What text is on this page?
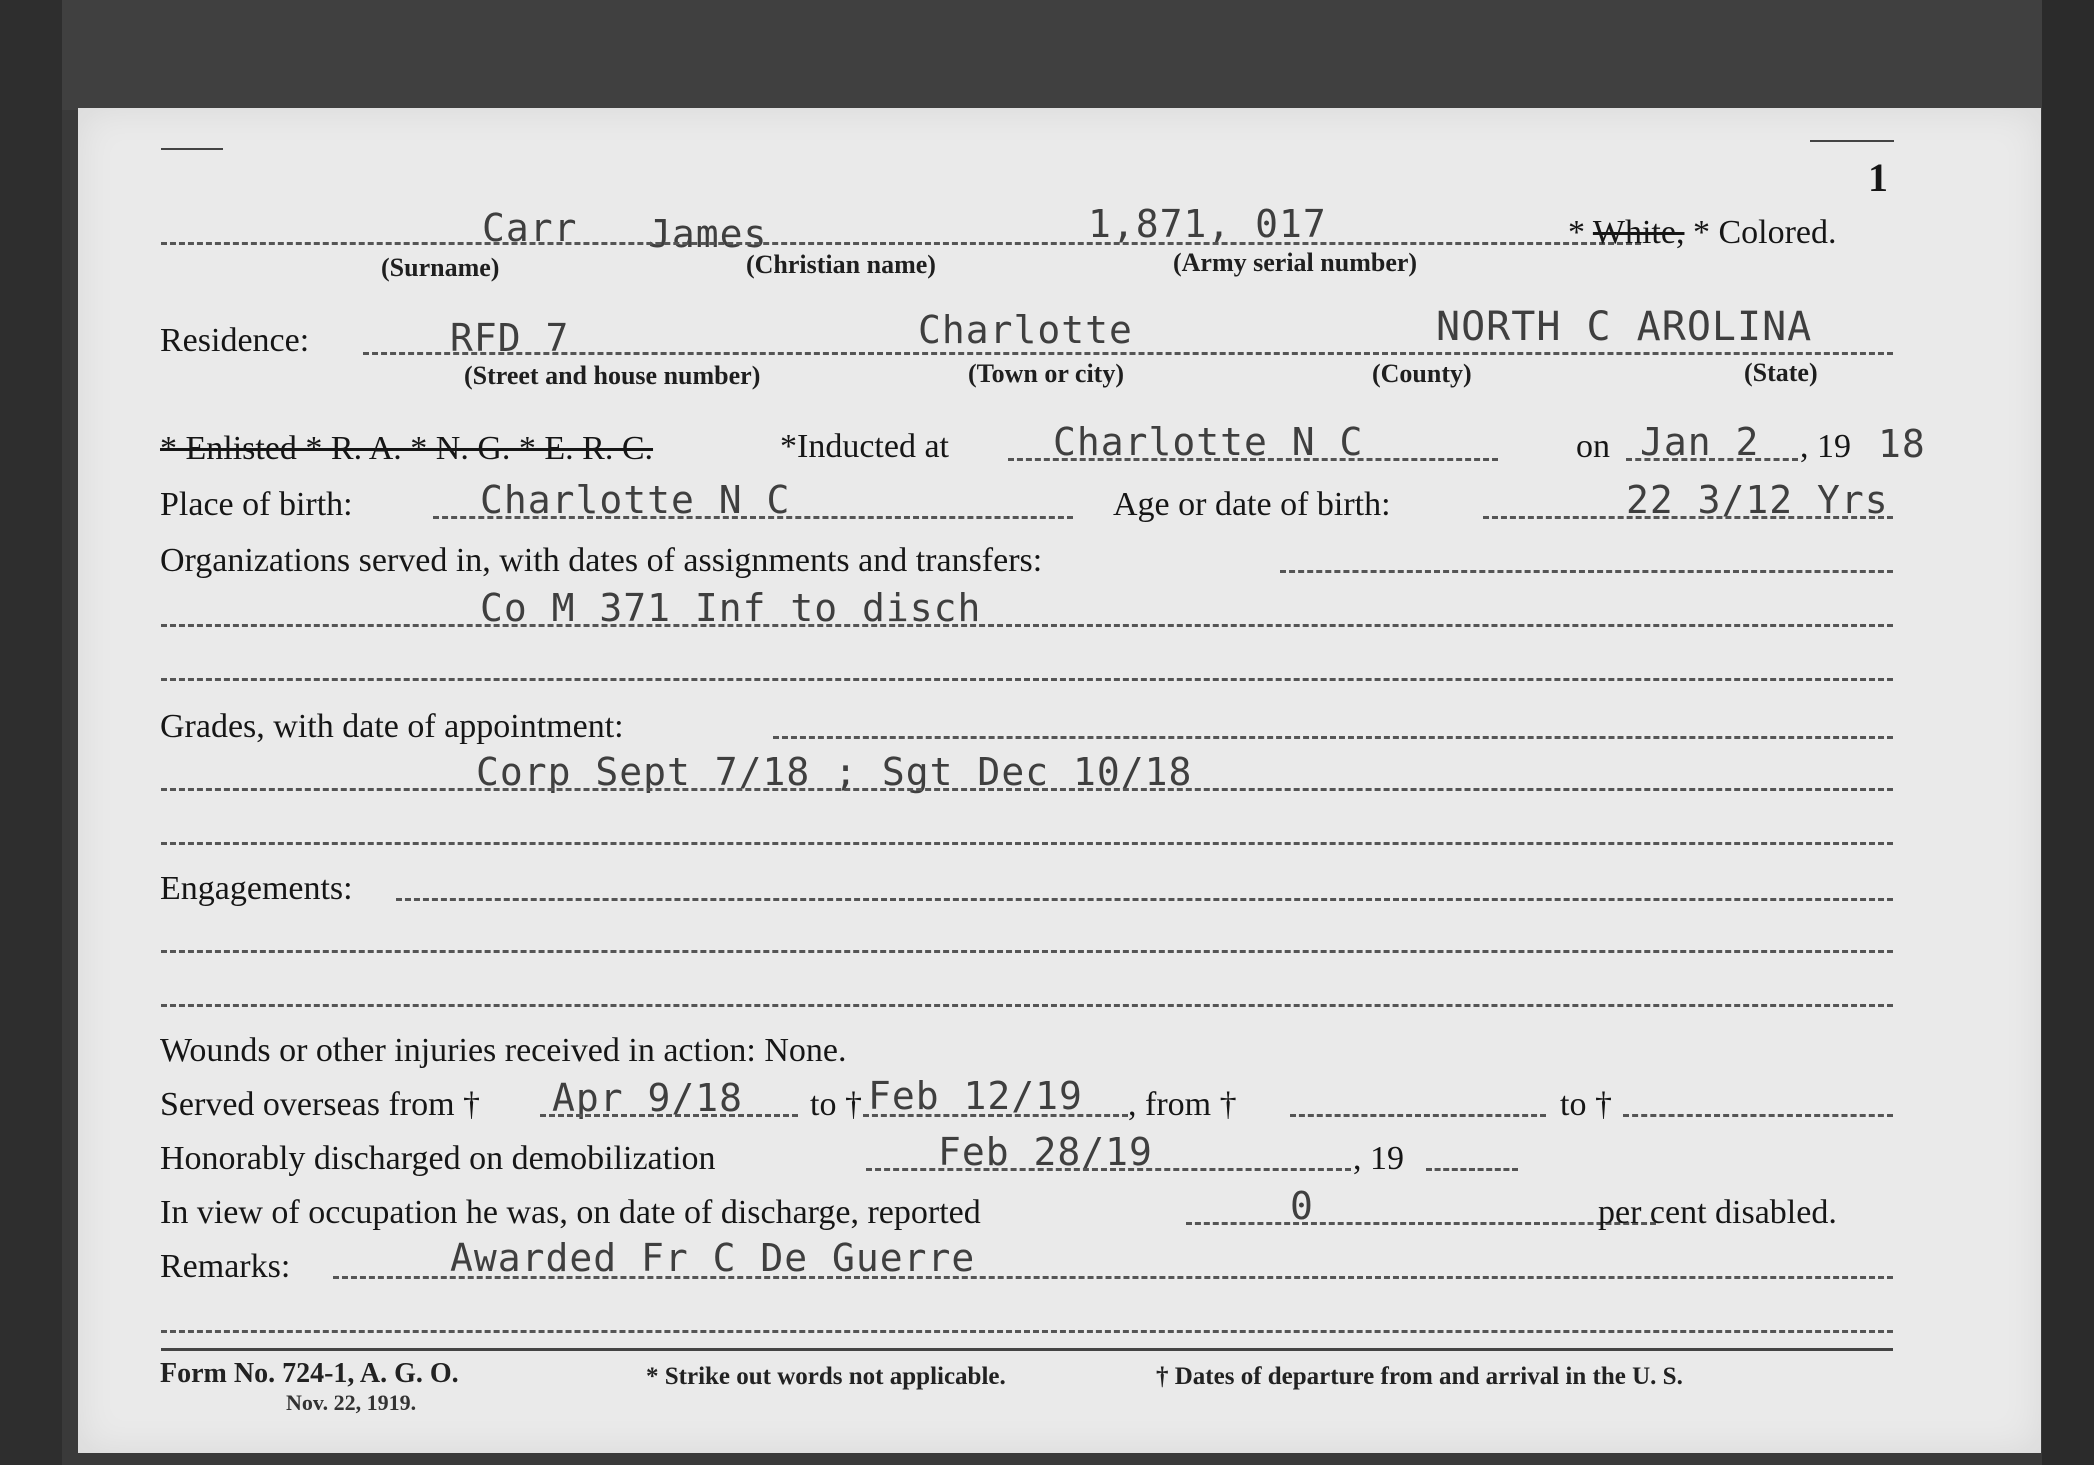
1
Carr James	1,871, 017	* White, * Colored.
(Surname)	(Christian name)	(Army serial number)
Residence:	RFD 7	Charlotte	NORTH C AROLINA
(Street and house number)	(Town or city)	(County)	(State)
* Enlisted * R. A. * N. G. * E. R. C.	*Inducted at	Charlotte N C	on Jan 2 , 19 18
Place of birth:	Charlotte N C	Age or date of birth:	22 3/12 Yrs
Organizations served in, with dates of assignments and transfers:
Co M 371 Inf to disch
Grades, with date of appointment:
Corp Sept 7/18 ; Sgt Dec 10/18
Engagements:
Wounds or other injuries received in action: None.
Served overseas from † Apr 9/18 to † Feb 12/19 , from †	to †
Honorably discharged on demobilization	Feb 28/19	, 19
In view of occupation he was, on date of discharge, reported	0	per cent disabled.
Remarks:	Awarded Fr C De Guerre
Form No. 724-1, A. G. O.
Nov. 22, 1919.
* Strike out words not applicable.	† Dates of departure from and arrival in the U. S.
